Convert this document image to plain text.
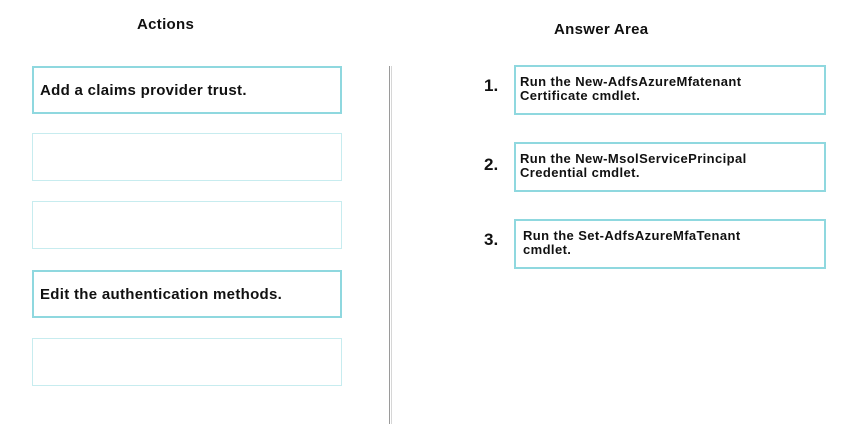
Actions	Answer Area
Add a claims provider trust.
Edit the authentication methods.
1. Run the New-AdfsAzureMfatenant
Certificate cmdlet.
2. Run the New-MsolServicePrincipal
Credential cmdlet.
3. Run the Set-AdfsAzureMfaTenant
cmdlet.
